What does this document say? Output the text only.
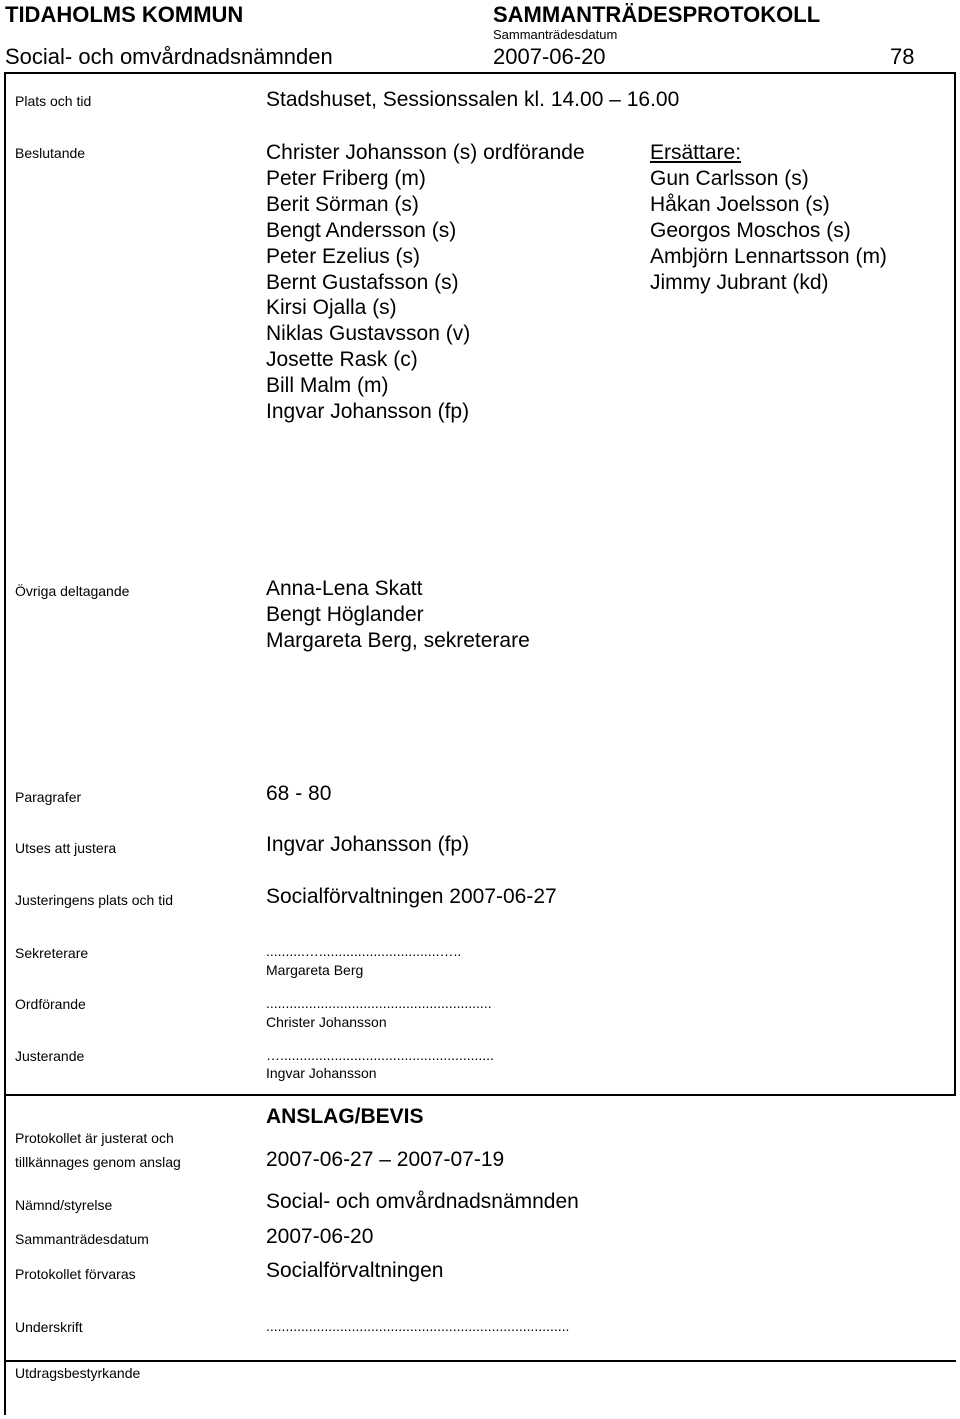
TIDAHOLMS KOMMUN	SAMMANTRÄDESPROTOKOLL
Sammanträdesdatum
Social- och omvårdnadsnämnden	2007-06-20	78
Plats och tid	Stadshuset, Sessionssalen kl. 14.00 – 16.00
Beslutande	Christer Johansson (s) ordförande
Peter Friberg (m)
Berit Sörman (s)
Bengt Andersson (s)
Peter Ezelius (s)
Bernt Gustafsson (s)
Kirsi Ojalla (s)
Niklas Gustavsson (v)
Josette Rask (c)
Bill Malm (m)
Ingvar Johansson (fp)
Ersättare:
Gun Carlsson (s)
Håkan Joelsson (s)
Georgos Moschos (s)
Ambjörn Lennartsson (m)
Jimmy Jubrant (kd)
Övriga deltagande	Anna-Lena Skatt
Bengt Höglander
Margareta Berg, sekreterare
Paragrafer	68 - 80
Utses att justera	Ingvar Johansson (fp)
Justeringens plats och tid	Socialförvaltningen 2007-06-27
Sekreterare	..........…...............................…..
Margareta Berg
Ordförande	..........................................................
Christer Johansson
Justerande	….......................................................
Ingvar Johansson
ANSLAG/BEVIS
Protokollet är justerat och
tillkännages genom anslag	2007-06-27 – 2007-07-19
Nämnd/styrelse	Social- och omvårdnadsnämnden
Sammanträdesdatum	2007-06-20
Protokollet förvaras	Socialförvaltningen
Underskrift	..............................................................................
Utdragsbestyrkande
